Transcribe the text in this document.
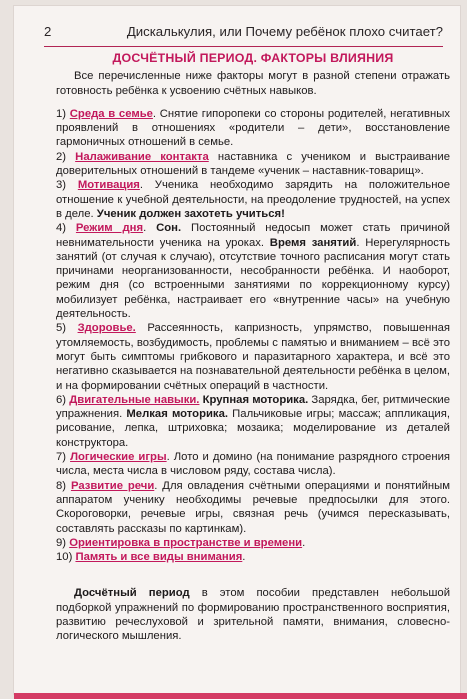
2	Дискалькулия, или Почему ребёнок плохо считает?
ДОСЧЁТНЫЙ ПЕРИОД. ФАКТОРЫ ВЛИЯНИЯ

Все перечисленные ниже факторы могут в разной степени отражать готовность ребёнка к усвоению счётных навыков.

1) Среда в семье. Снятие гипоропеки со стороны родителей, негативных проявлений в отношениях «родители – дети», восстановление гармоничных отношений в семье.

2) Налаживание контакта наставника с учеником и выстраивание доверительных отношений в тандеме «ученик – наставник-товарищ».

3) Мотивация. Ученика необходимо зарядить на положительное отношение к учебной деятельности, на преодоление трудностей, на успех в деле. Ученик должен захотеть учиться!

4) Режим дня. Сон. Постоянный недосып может стать причиной невнимательности ученика на уроках. Время занятий. Нерегулярность занятий (от случая к случаю), отсутствие точного расписания могут стать причинами неорганизованности, несобранности ребёнка. И наоборот, режим дня (со встроенными занятиями по коррекционному курсу) мобилизует ребёнка, настраивает его «внутренние часы» на учебную деятельность.

5) Здоровье. Рассеянность, капризность, упрямство, повышенная утомляемость, возбудимость, проблемы с памятью и вниманием – всё это могут быть симптомы грибкового и паразитарного характера, и всё это негативно сказывается на познавательной деятельности ребёнка в целом, и на формировании счётных операций в частности.

6) Двигательные навыки. Крупная моторика. Зарядка, бег, ритмические упражнения. Мелкая моторика. Пальчиковые игры; массаж; аппликация, рисование, лепка, штриховка; мозаика; моделирование из деталей конструктора.

7) Логические игры. Лото и домино (на понимание разрядного строения числа, места числа в числовом ряду, состава числа).

8) Развитие речи. Для овладения счётными операциями и понятийным аппаратом ученику необходимы речевые предпосылки для этого. Скороговорки, речевые игры, связная речь (учимся пересказывать, составлять рассказы по картинкам).

9) Ориентировка в пространстве и времени.

10) Память и все виды внимания.

Досчётный период в этом пособии представлен небольшой подборкой упражнений по формированию пространственного восприятия, развитию речеслуховой и зрительной памяти, внимания, словесно-логического мышления.
